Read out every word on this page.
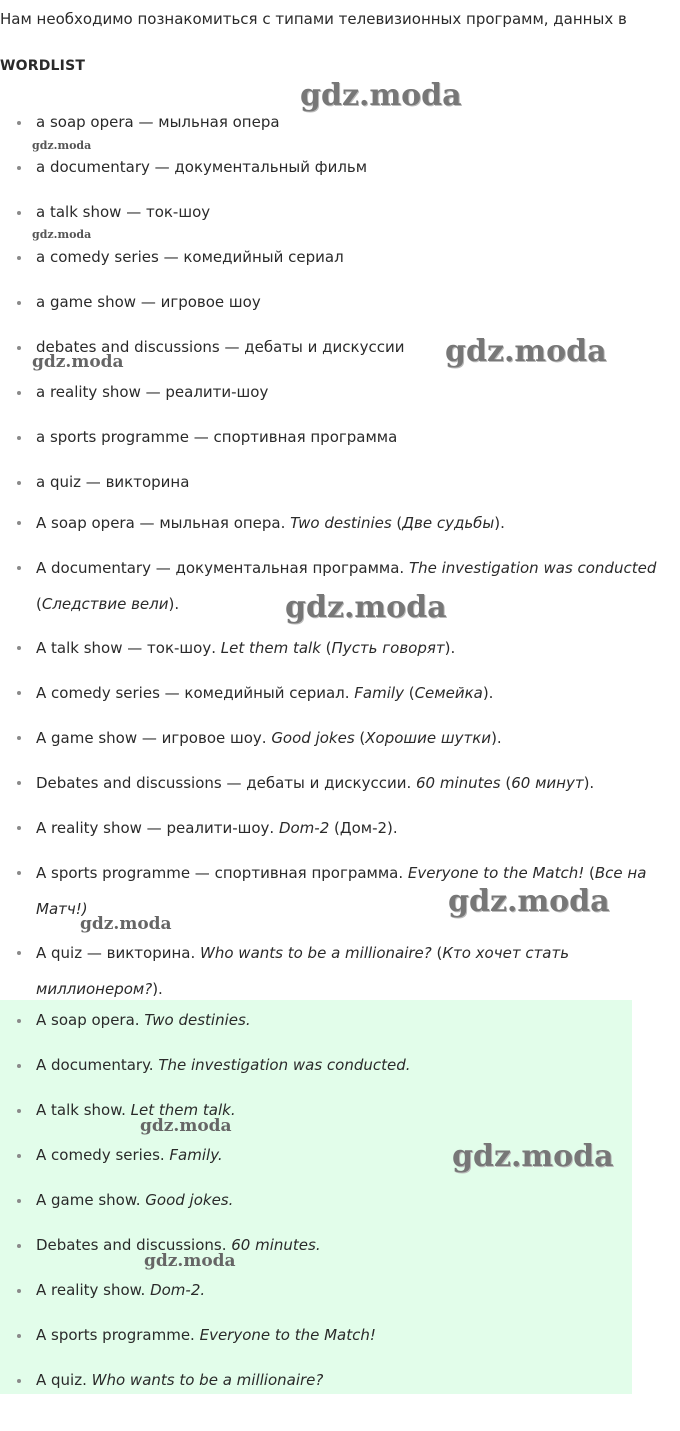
Нам необходимо познакомиться с типами телевизионных программ, данных в
WORDLIST
a soap opera — мыльная опера
a documentary — документальный фильм
a talk show — ток-шоу
a comedy series — комедийный сериал
a game show — игровое шоу
debates and discussions — дебаты и дискуссии
a reality show — реалити-шоу
a sports programme — спортивная программа
a quiz — викторина
A soap opera — мыльная опера. Two destinies (Две судьбы).
A documentary — документальная программа. The investigation was conducted (Следствие вели).
A talk show — ток-шоу. Let them talk (Пусть говорят).
A comedy series — комедийный сериал. Family (Семейка).
A game show — игровое шоу. Good jokes (Хорошие шутки).
Debates and discussions — дебаты и дискуссии. 60 minutes (60 минут).
A reality show — реалити-шоу. Dom-2 (Дом-2).
A sports programme — спортивная программа. Everyone to the Match! (Все на Матч!)
A quiz — викторина. Who wants to be a millionaire? (Кто хочет стать миллионером?).
A soap opera. Two destinies.
A documentary. The investigation was conducted.
A talk show. Let them talk.
A comedy series. Family.
A game show. Good jokes.
Debates and discussions. 60 minutes.
A reality show. Dom-2.
A sports programme. Everyone to the Match!
A quiz. Who wants to be a millionaire?
gdz.moda
gdz.moda
gdz.moda
gdz.moda
gdz.moda
gdz.moda
gdz.moda
gdz.moda
gdz.moda
gdz.moda
gdz.moda
